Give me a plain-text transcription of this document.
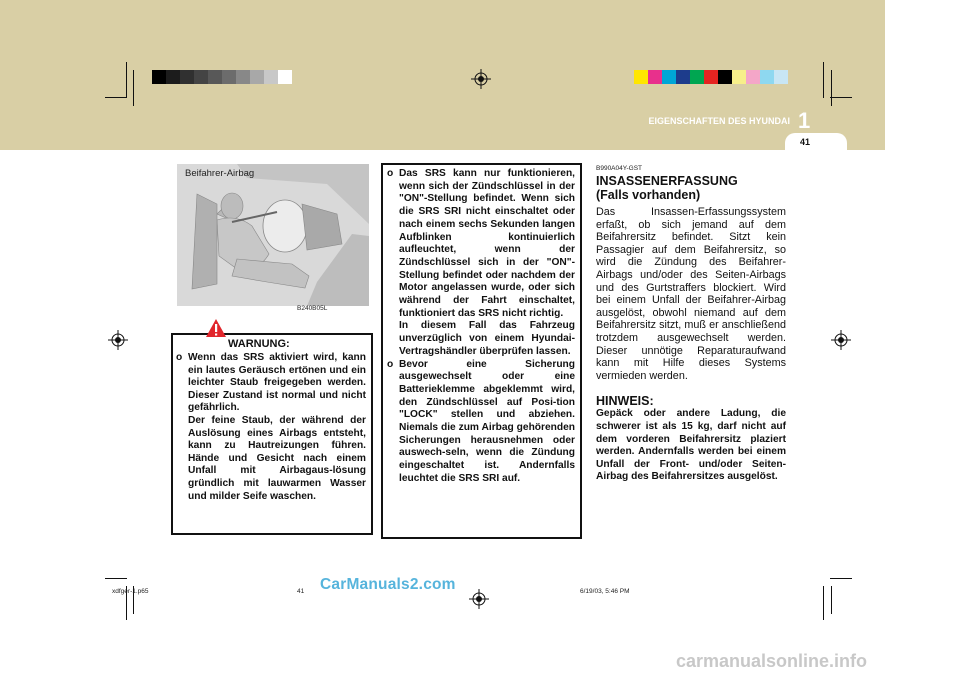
1
EIGENSCHAFTEN DES HYUNDAI
41
Beifahrer-Airbag
B240B05L
WARNUNG:
o Wenn das SRS aktiviert wird, kann ein lautes Geräusch ertönen und ein leichter Staub freigegeben werden. Dieser Zustand ist normal und nicht gefährlich.
Der feine Staub, der während der Auslösung eines Airbags entsteht, kann zu Hautreizungen führen. Hände und Gesicht nach einem Unfall mit Airbagaus-lösung gründlich mit lauwarmen Wasser und milder Seife waschen.
o Das SRS kann nur funktionieren, wenn sich der Zündschlüssel in der "ON"-Stellung befindet. Wenn sich die SRS SRI nicht einschaltet oder nach einem sechs Sekunden langen Aufblinken kontinuierlich aufleuchtet, wenn der Zündschlüssel sich in der "ON"-Stellung befindet oder nachdem der Motor angelassen wurde, oder sich während der Fahrt einschaltet, funktioniert das SRS nicht richtig.
In diesem Fall das Fahrzeug unverzüglich von einem Hyundai-Vertragshändler überprüfen lassen.
o Bevor eine Sicherung ausgewechselt oder eine Batterieklemme abgeklemmt wird, den Zündschlüssel auf Posi-tion "LOCK" stellen und abziehen. Niemals die zum Airbag gehörenden Sicherungen herausnehmen oder auswech-seln, wenn die Zündung eingeschaltet ist. Andernfalls leuchtet die SRS SRI auf.
B990A04Y-GST
INSASSENERFASSUNG
(Falls vorhanden)
Das Insassen-Erfassungssystem erfaßt, ob sich jemand auf dem Beifahrersitz befindet. Sitzt kein Passagier auf dem Beifahrersitz, so wird die Zündung des Beifahrer-Airbags und/oder des Seiten-Airbags und des Gurtstraffers blockiert. Wird bei einem Unfall der Beifahrer-Airbag ausgelöst, obwohl niemand auf dem Beifahrersitz sitzt, muß er anschließend trotzdem ausgewechselt werden. Dieser unnötige Reparaturaufwand kann mit Hilfe dieses Systems vermieden werden.
HINWEIS:
Gepäck oder andere Ladung, die schwerer ist als 15 kg, darf nicht auf dem vorderen Beifahrersitz plaziert werden. Andernfalls werden bei einem Unfall der Front- und/oder Seiten-Airbag des Beifahrersitzes ausgelöst.
xdfger-1.p65	41	6/19/03, 5:46 PM
CarManuals2.com
carmanualsonline.info
